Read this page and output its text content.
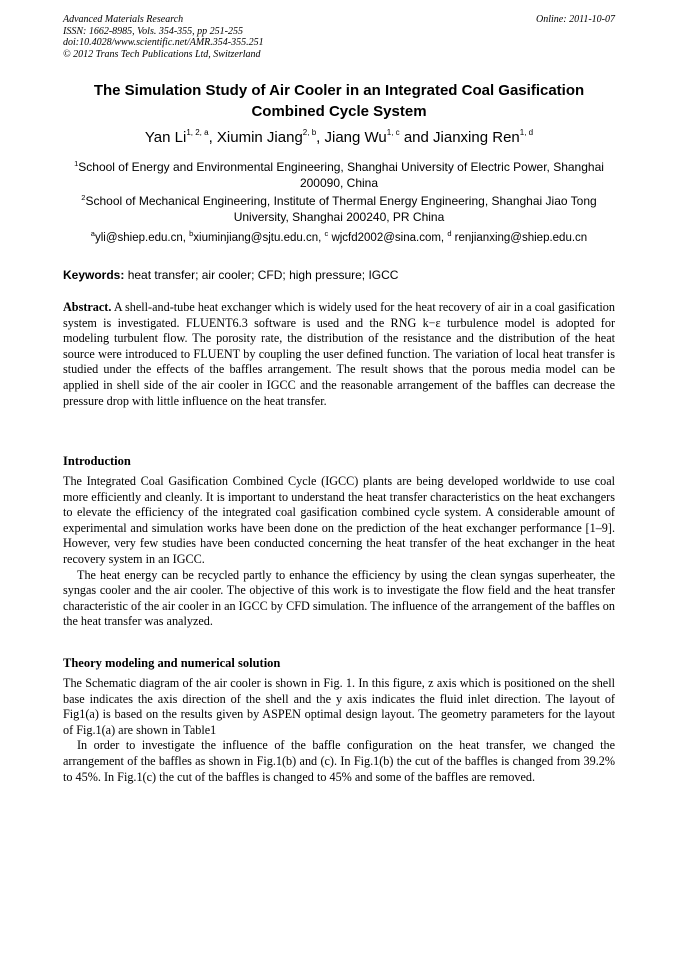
Advanced Materials Research
ISSN: 1662-8985, Vols. 354-355, pp 251-255
doi:10.4028/www.scientific.net/AMR.354-355.251
© 2012 Trans Tech Publications Ltd, Switzerland
Online: 2011-10-07
The Simulation Study of Air Cooler in an Integrated Coal Gasification Combined Cycle System
Yan Li$^{1, 2, a}$, Xiumin Jiang$^{2, b}$, Jiang Wu$^{1, c}$ and Jianxing Ren$^{1, d}$
$^1$School of Energy and Environmental Engineering, Shanghai University of Electric Power, Shanghai 200090, China
$^2$School of Mechanical Engineering, Institute of Thermal Energy Engineering, Shanghai Jiao Tong University, Shanghai 200240, PR China
$^a$yli@shiep.edu.cn, $^b$xiuminjiang@sjtu.edu.cn, $^c$ wjcfd2002@sina.com, $^d$ renjianxing@shiep.edu.cn
Keywords: heat transfer; air cooler; CFD; high pressure; IGCC
Abstract. A shell-and-tube heat exchanger which is widely used for the heat recovery of air in a coal gasification system is investigated. FLUENT6.3 software is used and the RNG k−ε turbulence model is adopted for modeling turbulent flow. The porosity rate, the distribution of the resistance and the distribution of the heat source were introduced to FLUENT by coupling the user defined function. The variation of local heat transfer is studied under the effects of the baffles arrangement. The result shows that the porous media model can be applied in shell side of the air cooler in IGCC and the reasonable arrangement of the baffles can decrease the pressure drop with little influence on the heat transfer.
Introduction

The Integrated Coal Gasification Combined Cycle (IGCC) plants are being developed worldwide to use coal more efficiently and cleanly. It is important to understand the heat transfer characteristics on the heat exchangers to elevate the efficiency of the integrated coal gasification combined cycle system. A considerable amount of experimental and simulation works have been done on the prediction of the heat exchanger performance [1–9]. However, very few studies have been conducted concerning the heat transfer of the heat exchanger in the heat recovery system in an IGCC.

The heat energy can be recycled partly to enhance the efficiency by using the clean syngas superheater, the syngas cooler and the air cooler. The objective of this work is to investigate the flow field and the heat transfer characteristic of the air cooler in an IGCC by CFD simulation. The influence of the arrangement of the baffles on the heat transfer was analyzed.

Theory modeling and numerical solution

The Schematic diagram of the air cooler is shown in Fig. 1. In this figure, z axis which is positioned on the shell base indicates the axis direction of the shell and the y axis indicates the fluid inlet direction. The layout of Fig1(a) is based on the results given by ASPEN optimal design layout. The geometry parameters for the layout of Fig.1(a) are shown in Table1

In order to investigate the influence of the baffle configuration on the heat transfer, we changed the arrangement of the baffles as shown in Fig.1(b) and (c). In Fig.1(b) the cut of the baffles is changed from 39.2% to 45%. In Fig.1(c) the cut of the baffles is changed to 45% and some of the baffles are removed.
